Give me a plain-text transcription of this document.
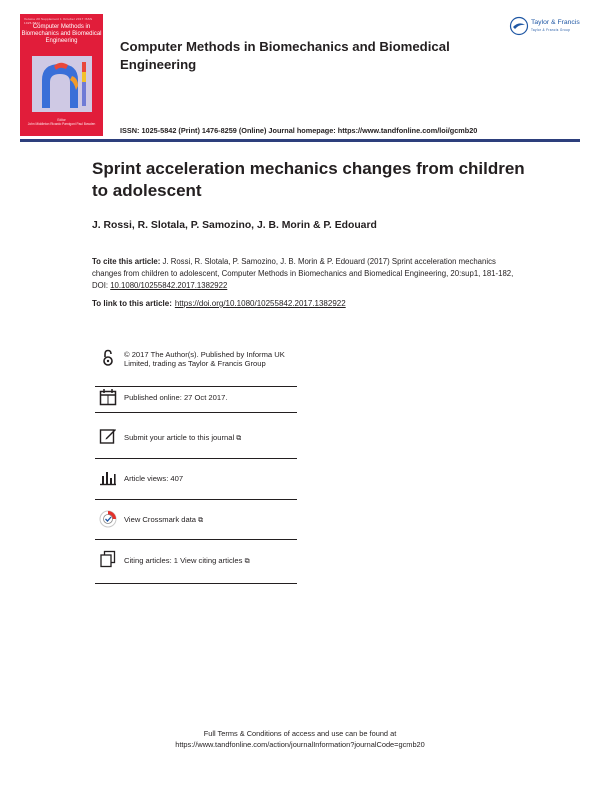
Volume 20 Supplement 1 October 2017 ISSN 1025-5842
Computer Methods in Biomechanics and Biomedical Engineering
Editor
John Middleton Ricardo Parnigoni Paul Bowden
Computer Methods in Biomechanics and Biomedical Engineering
ISSN: 1025-5842 (Print) 1476-8259 (Online) Journal homepage: https://www.tandfonline.com/loi/gcmb20
Taylor & Francis
Taylor & Francis Group
Sprint acceleration mechanics changes from children to adolescent
J. Rossi, R. Slotala, P. Samozino, J. B. Morin & P. Edouard
To cite this article: J. Rossi, R. Slotala, P. Samozino, J. B. Morin & P. Edouard (2017) Sprint acceleration mechanics changes from children to adolescent, Computer Methods in Biomechanics and Biomedical Engineering, 20:sup1, 181-182, DOI: 10.1080/10255842.2017.1382922
To link to this article: https://doi.org/10.1080/10255842.2017.1382922
© 2017 The Author(s). Published by Informa UK Limited, trading as Taylor & Francis Group
Published online: 27 Oct 2017.
Submit your article to this journal ⧉
Article views: 407
View Crossmark data ⧉
Citing articles: 1 View citing articles ⧉
Full Terms & Conditions of access and use can be found at
https://www.tandfonline.com/action/journalInformation?journalCode=gcmb20
